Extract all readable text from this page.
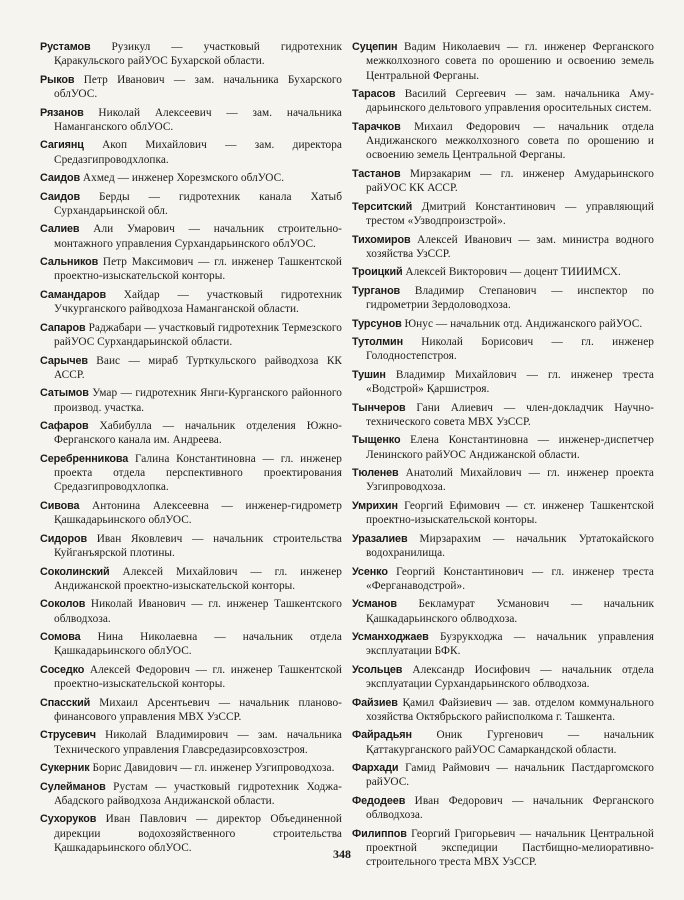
Рустамов Рузикул — участковый гидротехник Қаракульского райУОС Бухарской области.

Рыков Петр Иванович — зам. начальника Бухарского облУОС.

Рязанов Николай Алексеевич — зам. начальника Наманганского облУОС.

Сагиянц Акоп Михайлович — зам. директора Средазгипроводхлопка.

Саидов Ахмед — инженер Хорезмского облУОС.

Саидов Берды — гидротехник канала Хатыб Сурхандарьинской обл.

Салиев Али Умарович — начальник строительно-монтажного управления Сурхандарьинского облУОС.

Сальников Петр Максимович — гл. инженер Ташкентской проектно-изыскательской конторы.

Самандаров Хайдар — участковый гидротехник Учкурганского райводхоза Наманганской области.

Сапаров Раджабари — участковый гидротехник Термезского райУОС Сурхандарьинской области.

Сарычев Ваис — мираб Турткульского райводхоза КК АССР.

Сатымов Умар — гидротехник Янги-Курганского районного производ. участка.

Сафаров Хабибулла — начальник отделения Южно-Ферганского канала им. Андреева.

Серебренникова Галина Константиновна — гл. инженер проекта отдела перспективного проектирования Средазгипроводхлопка.

Сивова Антонина Алексеевна — инженер-гидрометр Қашкадарьинского облУОС.

Сидоров Иван Яковлевич — начальник строительства Куйганъярской плотины.

Соколинский Алексей Михайлович — гл. инженер Андижанской проектно-изыскательской конторы.

Соколов Николай Иванович — гл. инженер Ташкентского облводхоза.

Сомова Нина Николаевна — начальник отдела Қашкадарьинского облУОС.

Соседко Алексей Федорович — гл. инженер Ташкентской проектно-изыскательской конторы.

Спасский Михаил Арсентьевич — начальник планово-финансового управления МВХ УзССР.

Струсевич Николай Владимирович — зам. начальника Технического управления Главсредазирсовхозстроя.

Сукерник Борис Давидович — гл. инженер Узгипроводхоза.

Сулейманов Рустам — участковый гидротехник Ходжа-Абадского райводхоза Андижанской области.

Сухоруков Иван Павлович — директор Объединенной дирекции водохозяйственного строительства Қашкадарьинского облУОС.

Суцепин Вадим Николаевич — гл. инженер Ферганского межколхозного совета по орошению и освоению земель Центральной Ферганы.

Тарасов Василий Сергеевич — зам. начальника Аму-дарьинского дельтового управления оросительных систем.

Тарачков Михаил Федорович — начальник отдела Андижанского межколхозного совета по орошению и освоению земель Центральной Ферганы.

Тастанов Мирзакарим — гл. инженер Амударьинского райУОС КК АССР.

Терситский Дмитрий Константинович — управляющий трестом «Узводпроизстрой».

Тихомиров Алексей Иванович — зам. министра водного хозяйства УзССР.

Троицкий Алексей Викторович — доцент ТИИИМСХ.

Турганов Владимир Степанович — инспектор по гидрометрии Зердоловодхоза.

Турсунов Юнус — начальник отд. Андижанского райУОС.

Тутолмин Николай Борисович — гл. инженер Голодностепстроя.

Тушин Владимир Михайлович — гл. инженер треста «Водстрой» Қаршистроя.

Тынчеров Гани Алиевич — член-докладчик Научно-технического совета МВХ УзССР.

Тыщенко Елена Константиновна — инженер-диспетчер Ленинского райУОС Андижанской области.

Тюленев Анатолий Михайлович — гл. инженер проекта Узгипроводхоза.

Умрихин Георгий Ефимович — ст. инженер Ташкентской проектно-изыскательской конторы.

Уразалиев Мирзарахим — начальник Уртатокайского водохранилища.

Усенко Георгий Константинович — гл. инженер треста «Ферганаводстрой».

Усманов Бекламурат Усманович — начальник Қашкадарьинского облводхоза.

Усманходжаев Бузрукходжа — начальник управления эксплуатации БФК.

Усольцев Александр Иосифович — начальник отдела эксплуатации Сурхандарьинского облводхоза.

Файзиев Қамил Файзиевич — зав. отделом коммунального хозяйства Октябрьского райисполкома г. Ташкента.

Файрадьян Оник Гургенович — начальник Қаттакурганского райУОС Самаркандской области.

Фархади Гамид Раймович — начальник Пастдаргомского райУОС.

Федодеев Иван Федорович — начальник Ферганского облводхоза.

Филиппов Георгий Григорьевич — начальник Центральной проектной экспедиции Пастбищно-мелиоративно-строительного треста МВХ УзССР.

348
